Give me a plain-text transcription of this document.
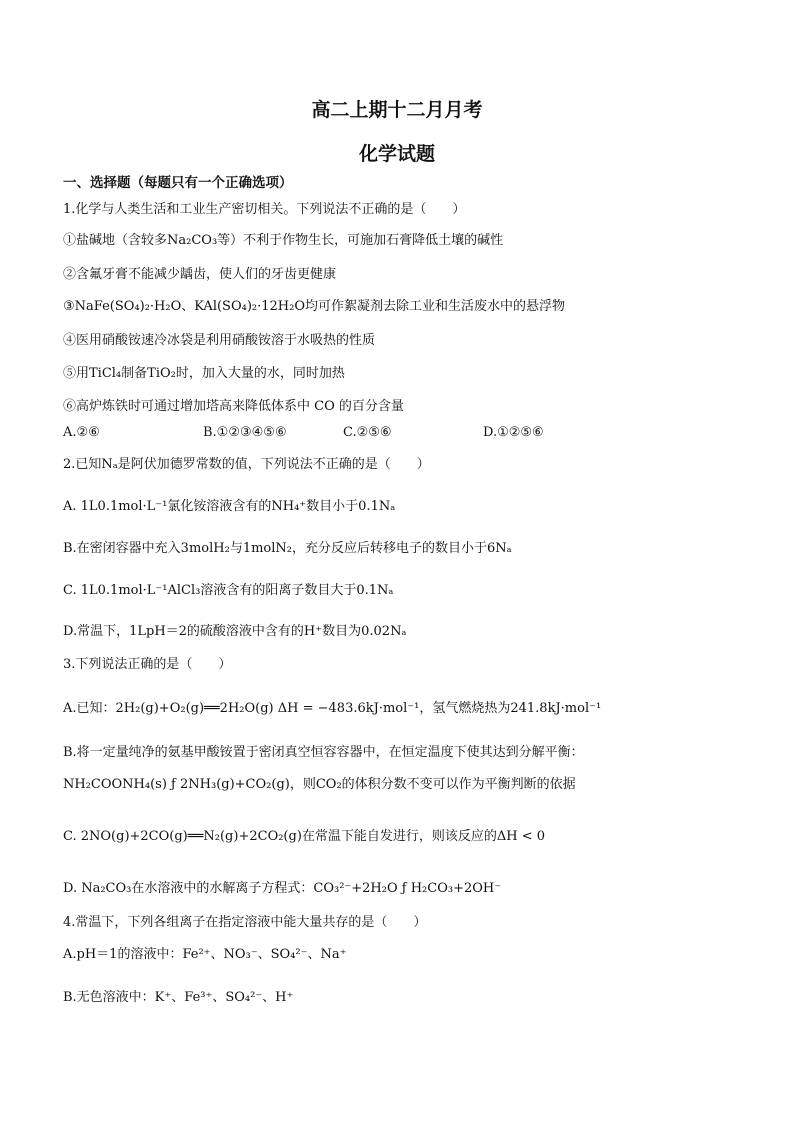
高二上期十二月月考
化学试题
一、选择题（每题只有一个正确选项）
1.化学与人类生活和工业生产密切相关。下列说法不正确的是（　　）
①盐碱地（含较多Na₂CO₃等）不利于作物生长，可施加石膏降低土壤的碱性
②含氟牙膏不能减少龋齿，使人们的牙齿更健康
③NaFe(SO₄)₂·H₂O、KAl(SO₄)₂·12H₂O均可作絮凝剂去除工业和生活废水中的悬浮物
④医用硝酸铵速冷冰袋是利用硝酸铵溶于水吸热的性质
⑤用TiCl₄制备TiO₂时，加入大量的水，同时加热
⑥高炉炼铁时可通过增加塔高来降低体系中 CO 的百分含量
A.②⑥	B.①②③④⑤⑥	C.②⑤⑥	D.①②⑤⑥
2.已知Nₐ是阿伏加德罗常数的值，下列说法不正确的是（　　）
A. 1L0.1mol·L⁻¹氯化铵溶液含有的NH₄⁺数目小于0.1Nₐ
B.在密闭容器中充入3molH₂与1molN₂，充分反应后转移电子的数目小于6Nₐ
C. 1L0.1mol·L⁻¹AlCl₃溶液含有的阳离子数目大于0.1Nₐ
D.常温下，1LpH＝2的硫酸溶液中含有的H⁺数目为0.02Nₐ
3.下列说法正确的是（　　）
A.已知：2H₂(g)+O₂(g)══2H₂O(g) ΔH = −483.6kJ·mol⁻¹，氢气燃烧热为241.8kJ·mol⁻¹
B.将一定量纯净的氨基甲酸铵置于密闭真空恒容容器中，在恒定温度下使其达到分解平衡：
NH₂COONH₄(s) ƒ 2NH₃(g)+CO₂(g)，则CO₂的体积分数不变可以作为平衡判断的依据
C. 2NO(g)+2CO(g)══N₂(g)+2CO₂(g)在常温下能自发进行，则该反应的ΔH < 0
D. Na₂CO₃在水溶液中的水解离子方程式：CO₃²⁻+2H₂O ƒ H₂CO₃+2OH⁻
4.常温下，下列各组离子在指定溶液中能大量共存的是（　　）
A.pH＝1的溶液中：Fe²⁺、NO₃⁻、SO₄²⁻、Na⁺
B.无色溶液中：K⁺、Fe³⁺、SO₄²⁻、H⁺
